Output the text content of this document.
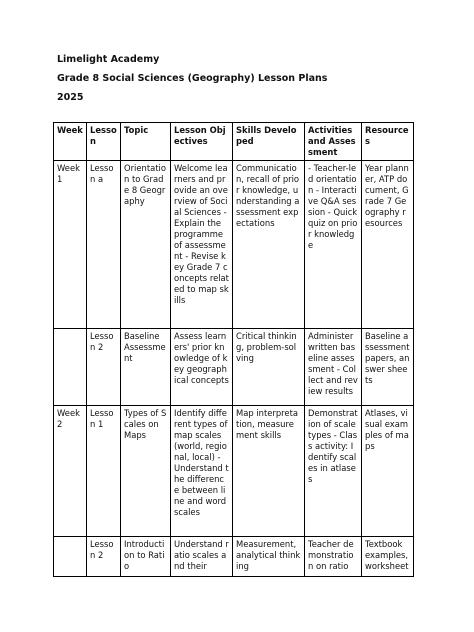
Limelight Academy
Grade 8 Social Sciences (Geography) Lesson Plans
2025
Week	Lesson	Topic	Lesson Objectives	Skills Developed	Activities and Assessment	Resources
Week 1	Lesson a	Orientation to Grade 8 Geography	Welcome learners and provide an overview of Social Sciences - Explain the programme of assessment - Revise key Grade 7 concepts related to map skills	Communication, recall of prior knowledge, understanding assessment expectations	- Teacher-led orientation - Interactive Q&A session - Quick quiz on prior knowledge	Year planner, ATP document, Grade 7 Geography resources
	Lesson 2	Baseline Assessment	Assess learners' prior knowledge of key geographical concepts	Critical thinking, problem-solving	Administer written baseline assessment - Collect and review results	Baseline assessment papers, answer sheets
Week 2	Lesson 1	Types of Scales on Maps	Identify different types of map scales (world, regional, local) - Understand the difference between line and word scales	Map interpretation, measurement skills	Demonstration of scale types - Class activity: Identify scales in atlases	Atlases, visual examples of maps
	Lesson 2	Introduction to Ratio	Understand ratio scales and their	Measurement, analytical thinking	Teacher demonstration on ratio	Textbook examples, worksheet
